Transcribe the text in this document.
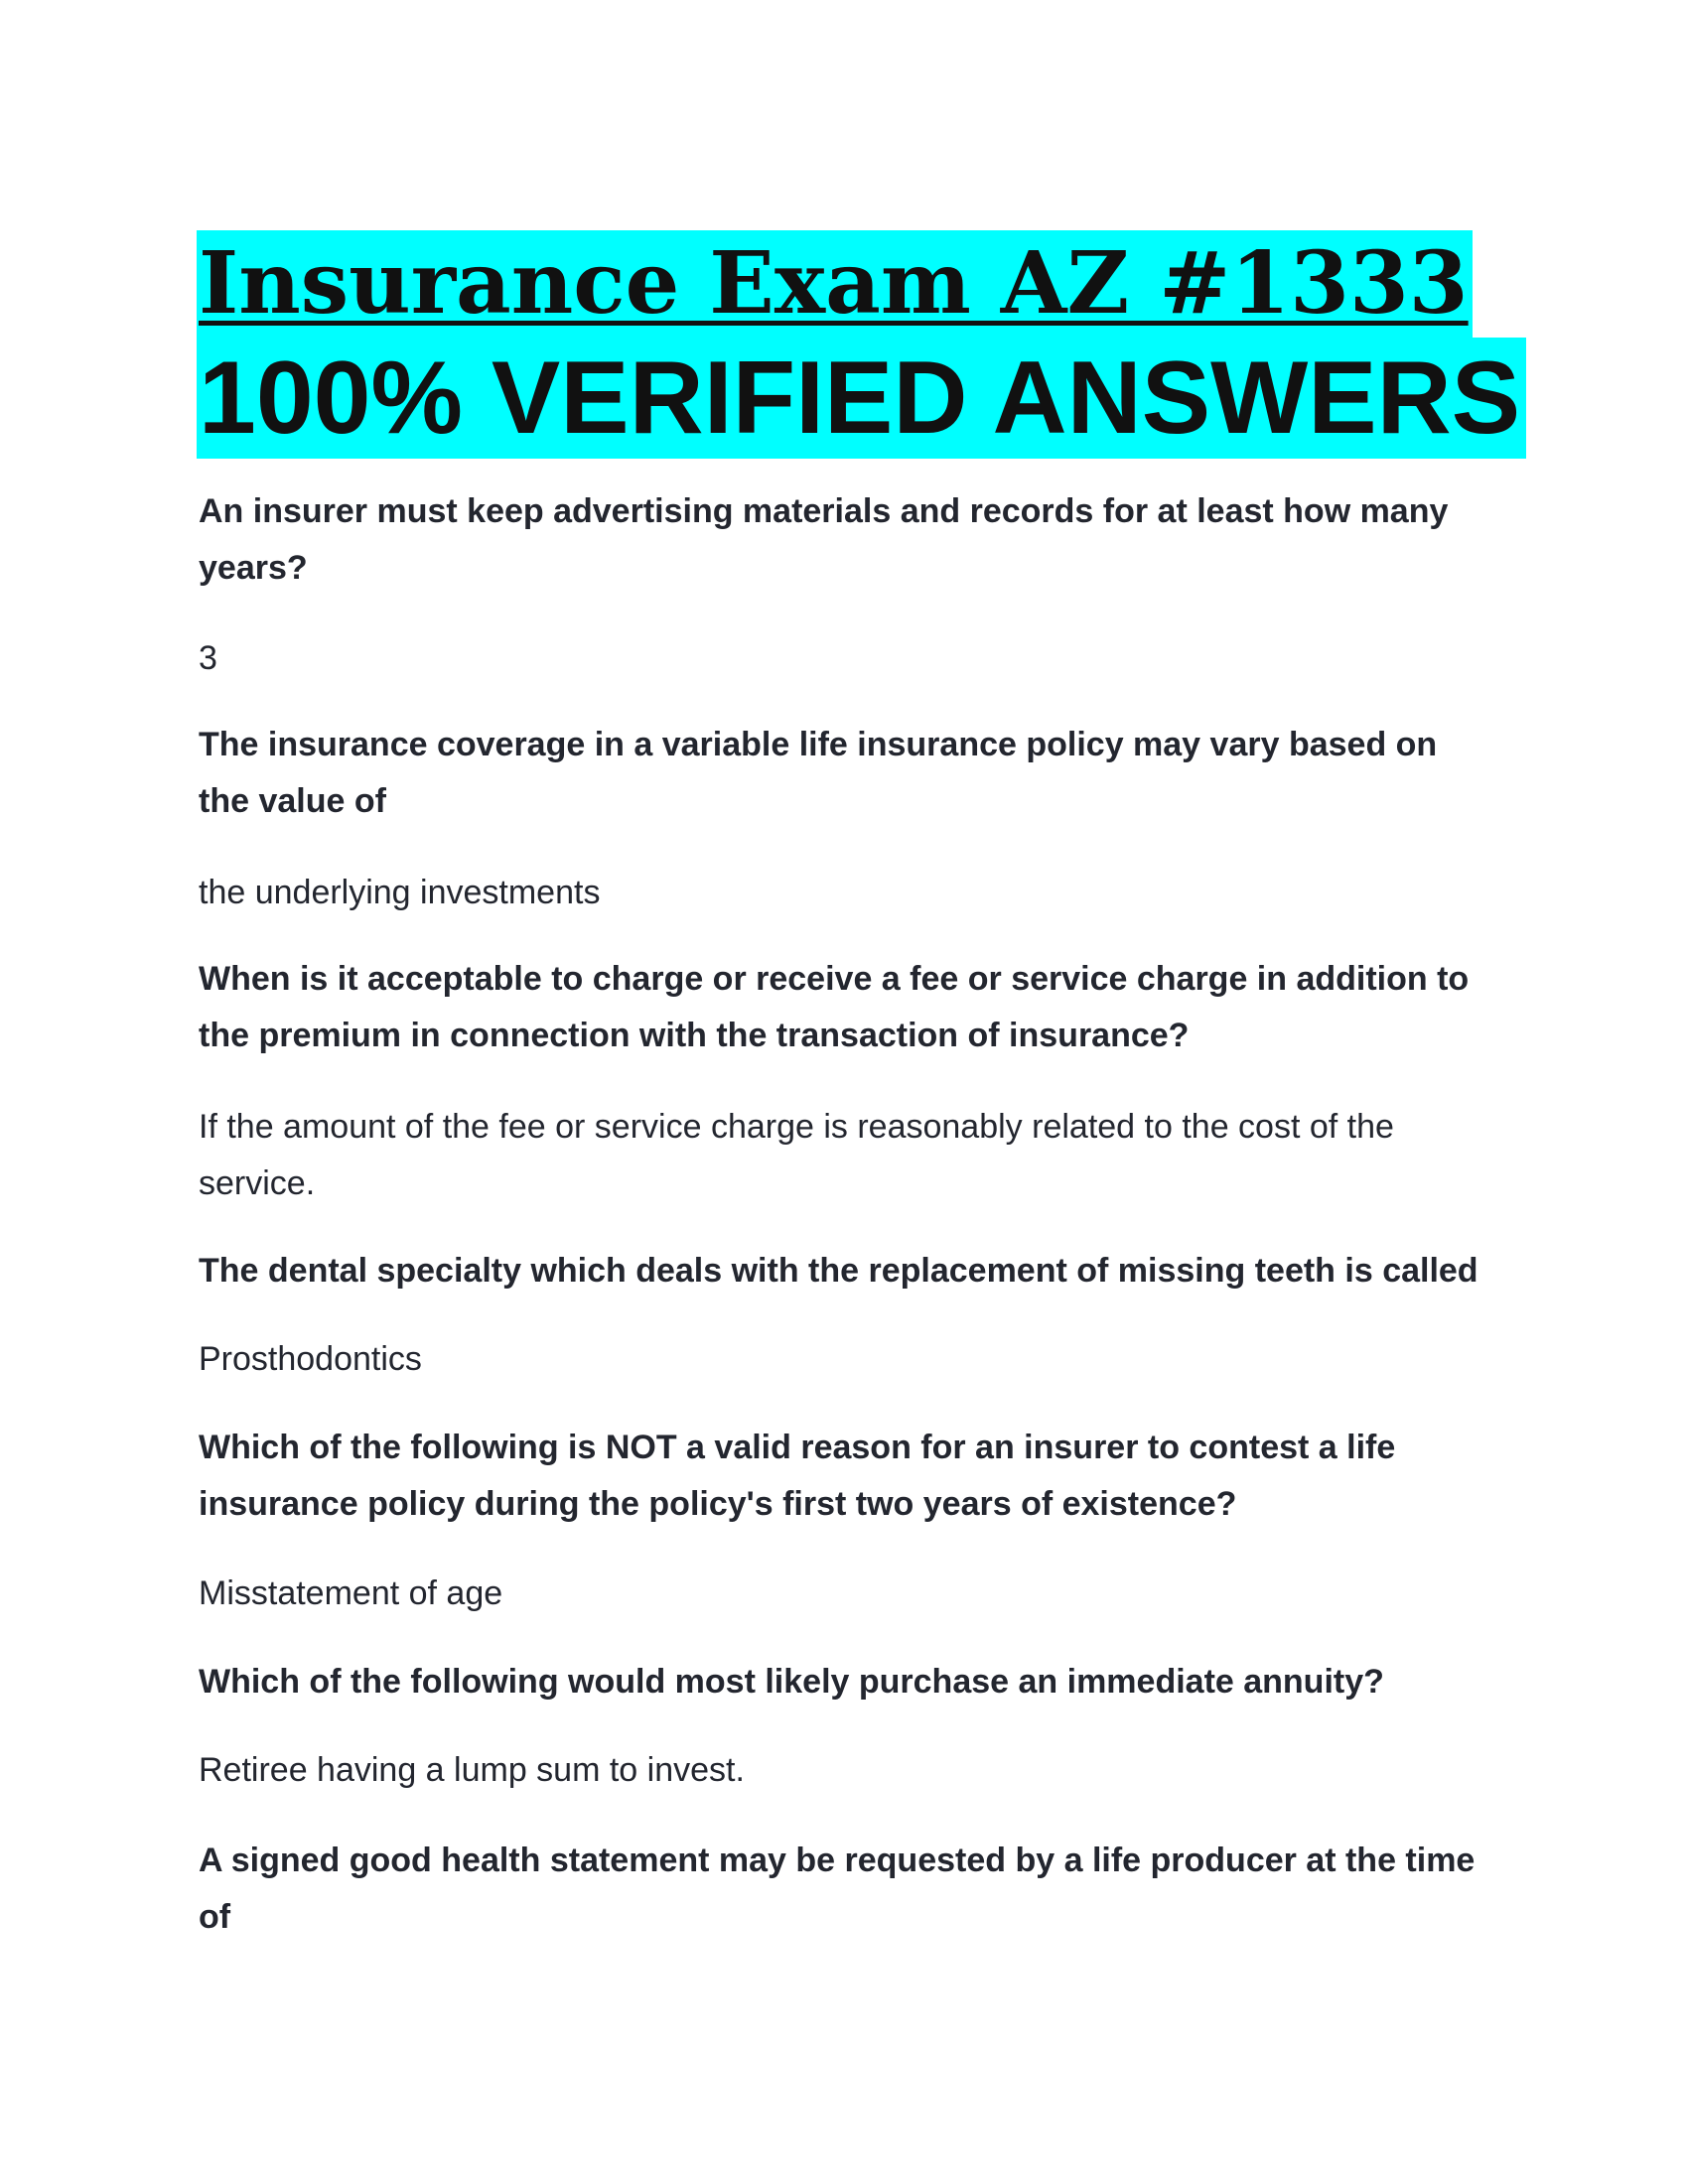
Insurance Exam AZ #1333
100% VERIFIED ANSWERS

An insurer must keep advertising materials and records for at least how many years?

3

The insurance coverage in a variable life insurance policy may vary based on the value of

the underlying investments

When is it acceptable to charge or receive a fee or service charge in addition to the premium in connection with the transaction of insurance?

If the amount of the fee or service charge is reasonably related to the cost of the service.

The dental specialty which deals with the replacement of missing teeth is called

Prosthodontics

Which of the following is NOT a valid reason for an insurer to contest a life insurance policy during the policy's first two years of existence?

Misstatement of age

Which of the following would most likely purchase an immediate annuity?

Retiree having a lump sum to invest.

A signed good health statement may be requested by a life producer at the time of
